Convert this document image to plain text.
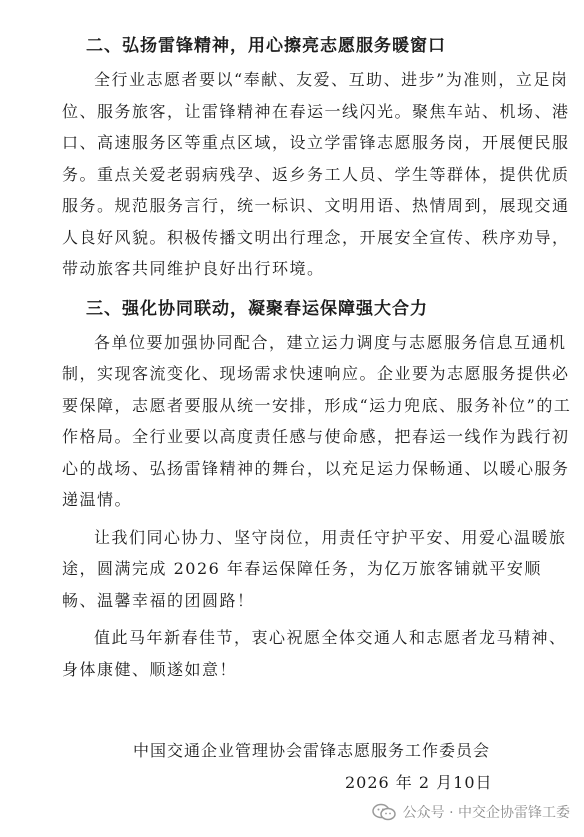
二、弘扬雷锋精神，用心擦亮志愿服务暖窗口

全行业志愿者要以“奉献、友爱、互助、进步”为准则，立足岗位、服务旅客，让雷锋精神在春运一线闪光。聚焦车站、机场、港口、高速服务区等重点区域，设立学雷锋志愿服务岗，开展便民服务。重点关爱老弱病残孕、返乡务工人员、学生等群体，提供优质服务。规范服务言行，统一标识、文明用语、热情周到，展现交通人良好风貌。积极传播文明出行理念，开展安全宣传、秩序劝导，带动旅客共同维护良好出行环境。

三、强化协同联动，凝聚春运保障强大合力

各单位要加强协同配合，建立运力调度与志愿服务信息互通机制，实现客流变化、现场需求快速响应。企业要为志愿服务提供必要保障，志愿者要服从统一安排，形成“运力兜底、服务补位”的工作格局。全行业要以高度责任感与使命感，把春运一线作为践行初心的战场、弘扬雷锋精神的舞台，以充足运力保畅通、以暖心服务递温情。

让我们同心协力、坚守岗位，用责任守护平安、用爱心温暖旅途，圆满完成 2026 年春运保障任务，为亿万旅客铺就平安顺畅、温馨幸福的团圆路！

值此马年新春佳节，衷心祝愿全体交通人和志愿者龙马精神、身体康健、顺遂如意！

中国交通企业管理协会雷锋志愿服务工作委员会

2026 年 2 月10日

公众号 · 中交企协雷锋工委
